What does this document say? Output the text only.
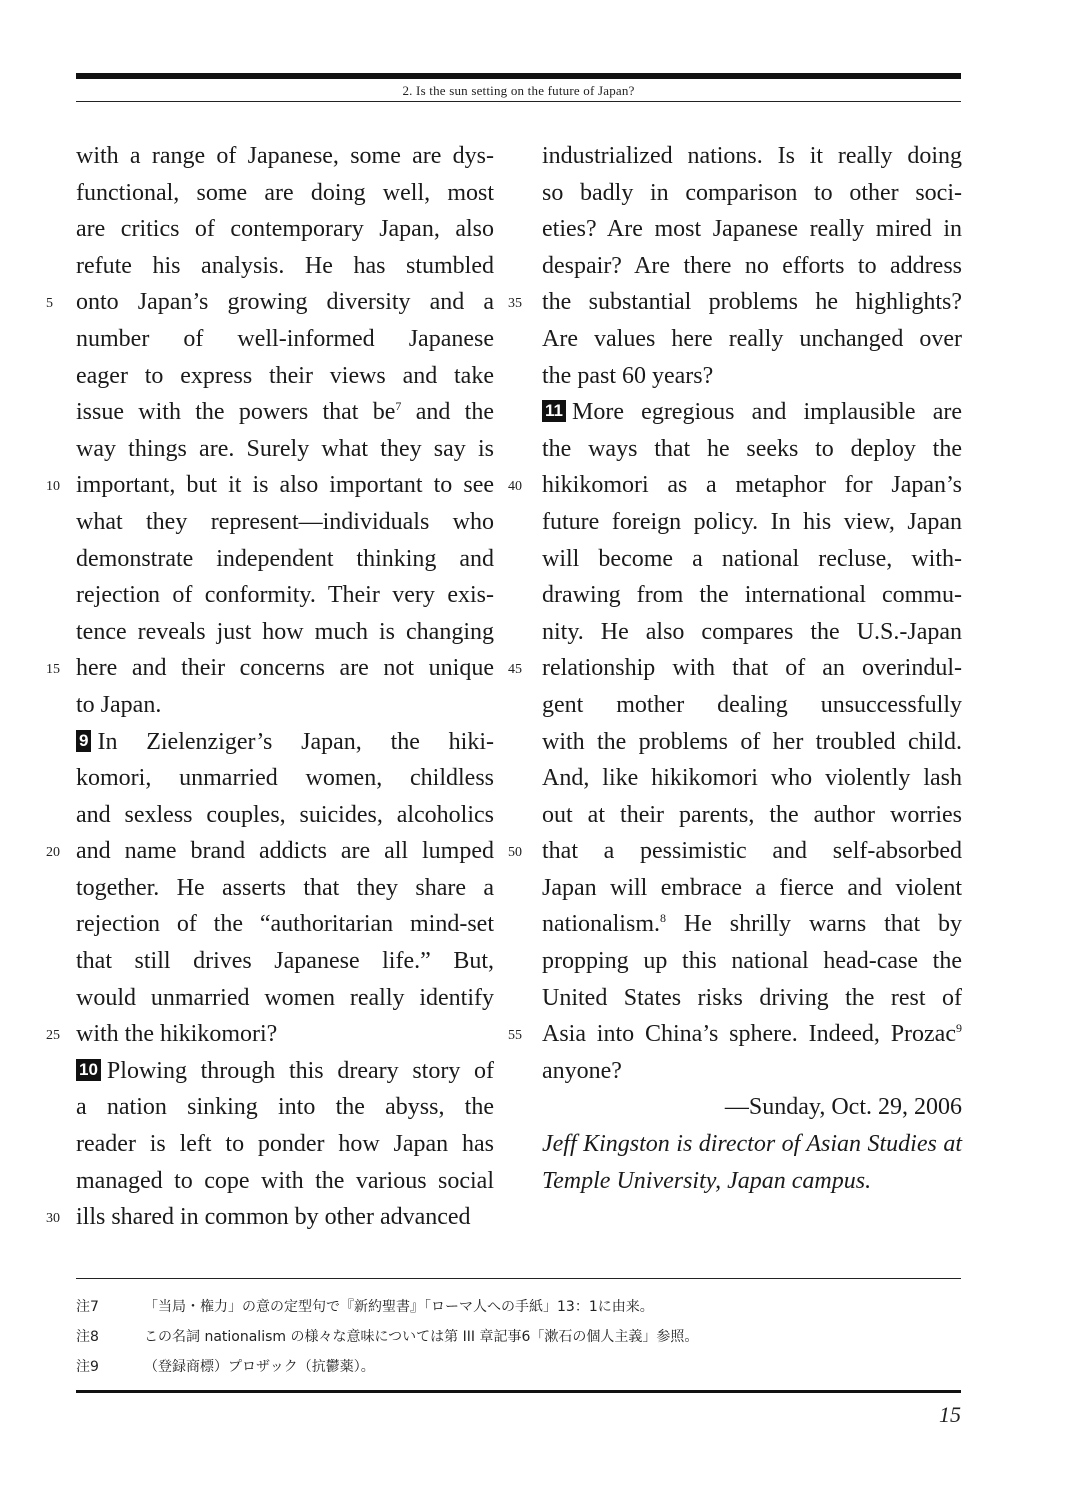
2. Is the sun setting on the future of Japan?
with a range of Japanese, some are dys-
functional, some are doing well, most
are critics of contemporary Japan, also
refute his analysis. He has stumbled
5 onto Japan’s growing diversity and a
number of well-informed Japanese
eager to express their views and take
issue with the powers that $be^7$ and the
way things are. Surely what they say is
10 important, but it is also important to see
what they represent—individuals who
demonstrate independent thinking and
rejection of conformity. Their very exis-
tence reveals just how much is changing
15 here and their concerns are not unique
to Japan.
9 In Zielenziger’s Japan, the hiki-
komori, unmarried women, childless
and sexless couples, suicides, alcoholics
20 and name brand addicts are all lumped
together. He asserts that they share a
rejection of the “authoritarian mind-set
that still drives Japanese life.” But,
would unmarried women really identify
25 with the hikikomori?
10 Plowing through this dreary story of
a nation sinking into the abyss, the
reader is left to ponder how Japan has
managed to cope with the various social
30 ills shared in common by other advanced
industrialized nations. Is it really doing
so badly in comparison to other soci-
eties? Are most Japanese really mired in
despair? Are there no efforts to address
35 the substantial problems he highlights?
Are values here really unchanged over
the past 60 years?
11 More egregious and implausible are
the ways that he seeks to deploy the
40 hikikomori as a metaphor for Japan’s
future foreign policy. In his view, Japan
will become a national recluse, with-
drawing from the international commu-
nity. He also compares the U.S.-Japan
45 relationship with that of an overindul-
gent mother dealing unsuccessfully
with the problems of her troubled child.
And, like hikikomori who violently lash
out at their parents, the author worries
50 that a pessimistic and self-absorbed
Japan will embrace a fierce and violent
nationalism.$^8$ He shrilly warns that by
propping up this national head-case the
United States risks driving the rest of
55 Asia into China’s sphere. Indeed, Prozac$^9$
anyone?
—Sunday, Oct. 29, 2006
Jeff Kingston is director of Asian Studies at
Temple University, Japan campus.
注7	「当局・権力」の意の定型句で『新約聖書』「ローマ人への手紙」13：1に由来。
注8	この名詞 nationalism の様々な意味については第 III 章記事6「漱石の個人主義」参照。
注9	（登録商標）プロザック（抗鬱薬）。
15
